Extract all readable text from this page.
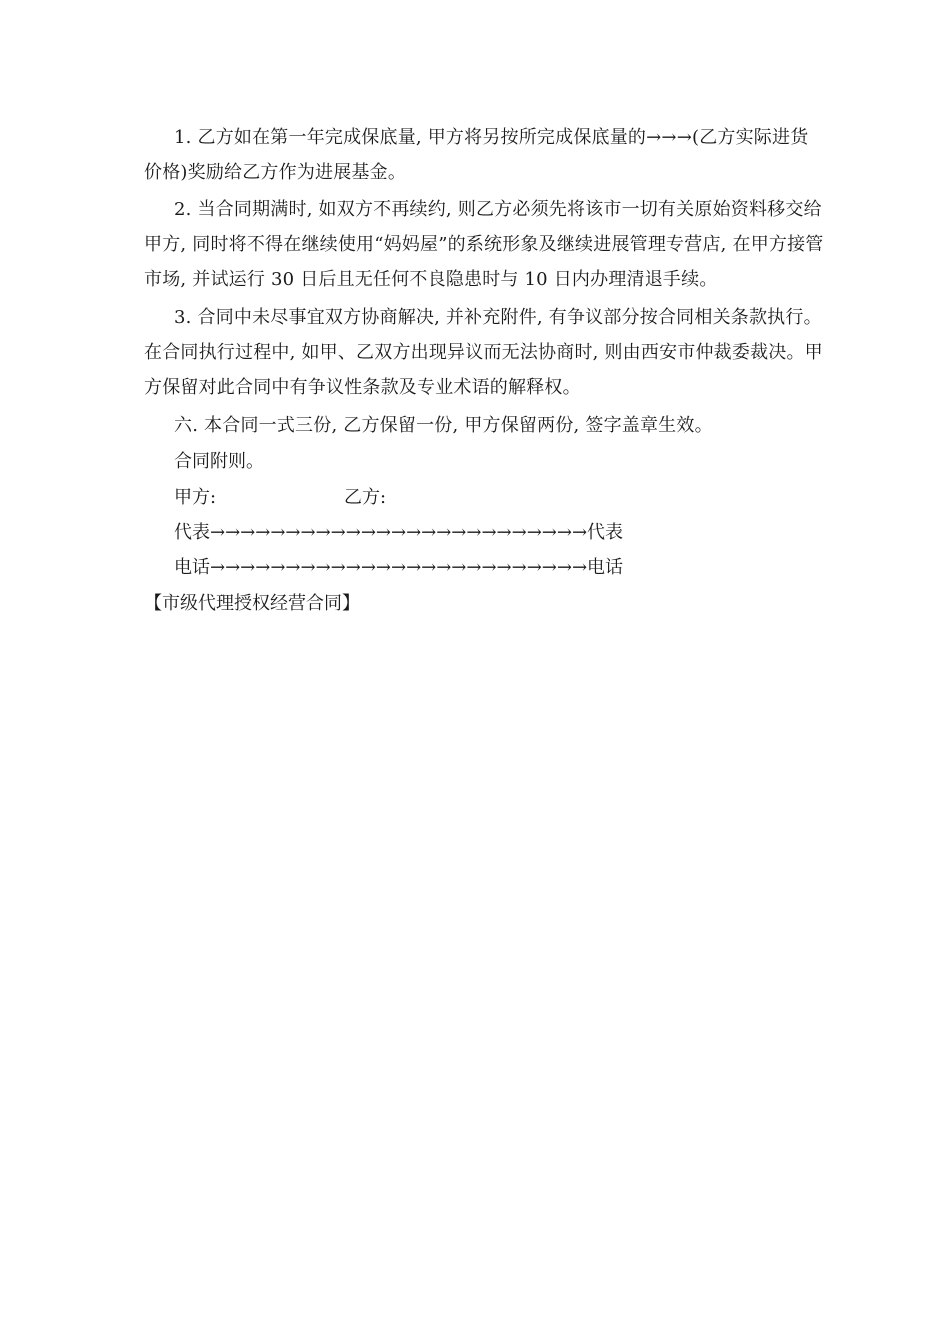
1. 乙方如在第一年完成保底量, 甲方将另按所完成保底量的→→→(乙方实际进货价格)奖励给乙方作为进展基金。

2. 当合同期满时, 如双方不再续约, 则乙方必须先将该市一切有关原始资料移交给甲方, 同时将不得在继续使用“妈妈屋”的系统形象及继续进展管理专营店, 在甲方接管市场, 并试运行 30 日后且无任何不良隐患时与 10 日内办理清退手续。

3. 合同中未尽事宜双方协商解决, 并补充附件, 有争议部分按合同相关条款执行。在合同执行过程中, 如甲、乙双方出现异议而无法协商时, 则由西安市仲裁委裁决。甲方保留对此合同中有争议性条款及专业术语的解释权。

六. 本合同一式三份, 乙方保留一份, 甲方保留两份, 签字盖章生效。

合同附则。

甲方:	乙方:

代表→→→→→→→→→→→→→→→→→→→→→→→→→代表

电话→→→→→→→→→→→→→→→→→→→→→→→→→电话

【市级代理授权经营合同】
